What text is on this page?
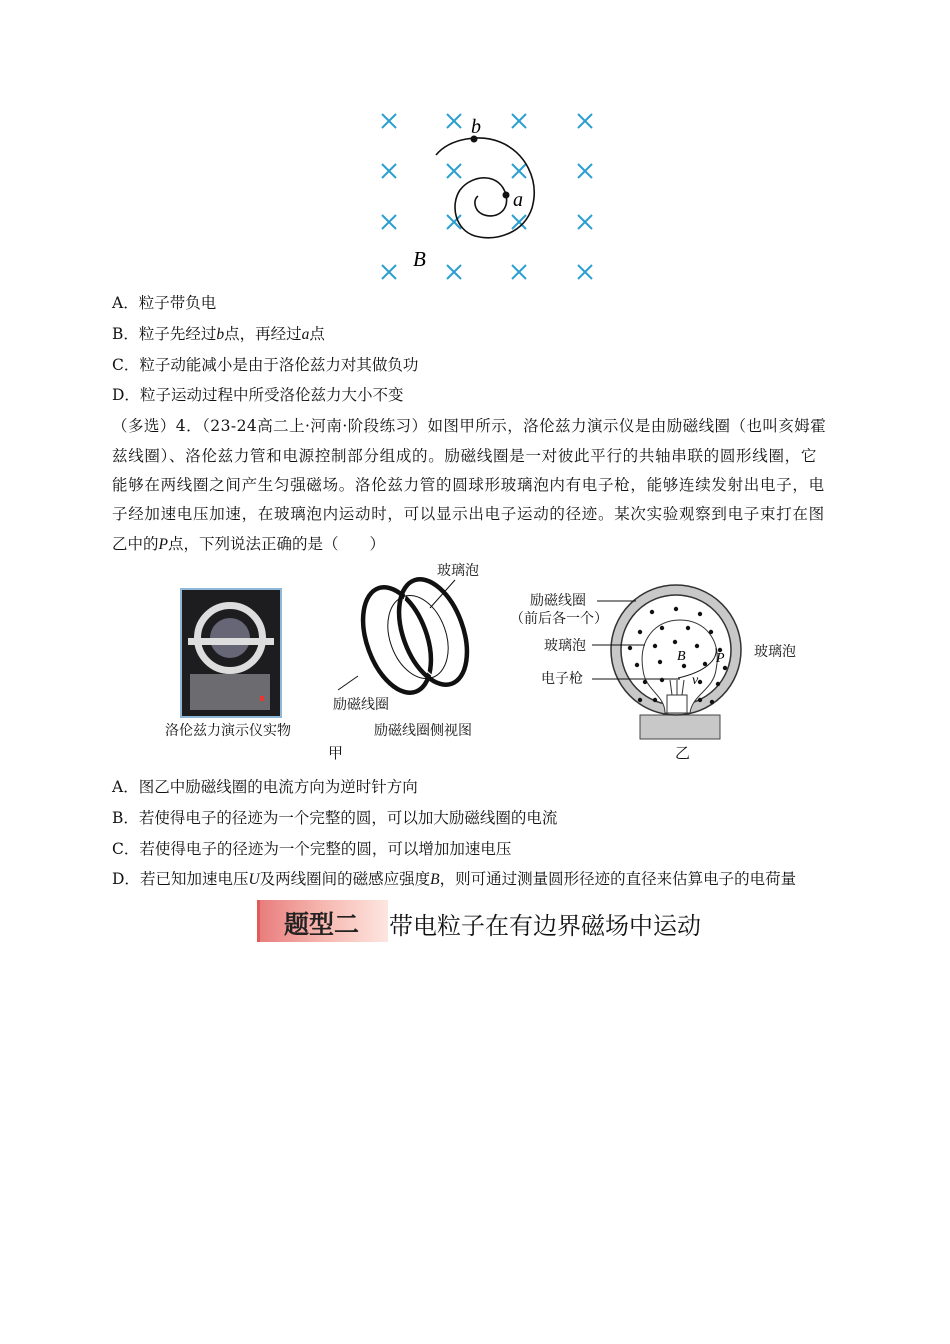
b
a
B
A．粒子带负电
B．粒子先经过b点，再经过a点
C．粒子动能减小是由于洛伦兹力对其做负功
D．粒子运动过程中所受洛伦兹力大小不变
（多选）4．（23-24高二上·河南·阶段练习）如图甲所示，洛伦兹力演示仪是由励磁线圈（也叫亥姆霍
兹线圈）、洛伦兹力管和电源控制部分组成的。励磁线圈是一对彼此平行的共轴串联的圆形线圈，它
能够在两线圈之间产生匀强磁场。洛伦兹力管的圆球形玻璃泡内有电子枪，能够连续发射出电子，电
子经加速电压加速，在玻璃泡内运动时，可以显示出电子运动的径迹。某次实验观察到电子束打在图
乙中的P点，下列说法正确的是（　　）
洛伦兹力演示仪实物
B P
v
玻璃泡
励磁线圈
励磁线圈侧视图
甲
励磁线圈
（前后各一个）
玻璃泡	玻璃泡
电子枪
乙
A．图乙中励磁线圈的电流方向为逆时针方向
B．若使得电子的径迹为一个完整的圆，可以加大励磁线圈的电流
C．若使得电子的径迹为一个完整的圆，可以增加加速电压
D．若已知加速电压U及两线圈间的磁感应强度B，则可通过测量圆形径迹的直径来估算电子的电荷量
题型二 带电粒子在有边界磁场中运动
